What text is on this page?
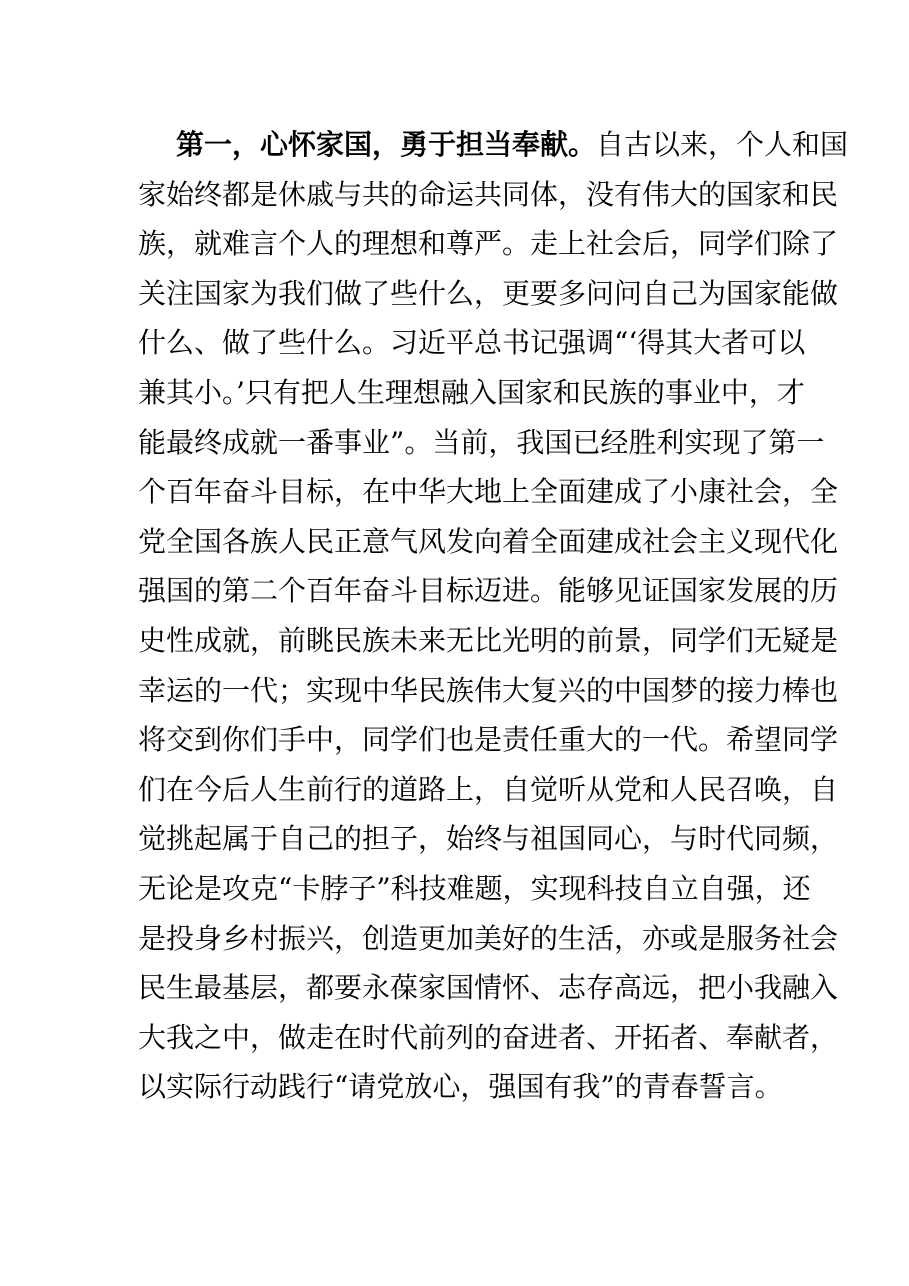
第一，心怀家国，勇于担当奉献。自古以来，个人和国
家始终都是休戚与共的命运共同体，没有伟大的国家和民
族，就难言个人的理想和尊严。走上社会后，同学们除了
关注国家为我们做了些什么，更要多问问自己为国家能做
什么、做了些什么。习近平总书记强调“‘得其大者可以
兼其小。’只有把人生理想融入国家和民族的事业中，才
能最终成就一番事业”。当前，我国已经胜利实现了第一
个百年奋斗目标，在中华大地上全面建成了小康社会，全
党全国各族人民正意气风发向着全面建成社会主义现代化
强国的第二个百年奋斗目标迈进。能够见证国家发展的历
史性成就，前眺民族未来无比光明的前景，同学们无疑是
幸运的一代；实现中华民族伟大复兴的中国梦的接力棒也
将交到你们手中，同学们也是责任重大的一代。希望同学
们在今后人生前行的道路上，自觉听从党和人民召唤，自
觉挑起属于自己的担子，始终与祖国同心，与时代同频，
无论是攻克“卡脖子”科技难题，实现科技自立自强，还
是投身乡村振兴，创造更加美好的生活，亦或是服务社会
民生最基层，都要永葆家国情怀、志存高远，把小我融入
大我之中，做走在时代前列的奋进者、开拓者、奉献者，
以实际行动践行“请党放心，强国有我”的青春誓言。
